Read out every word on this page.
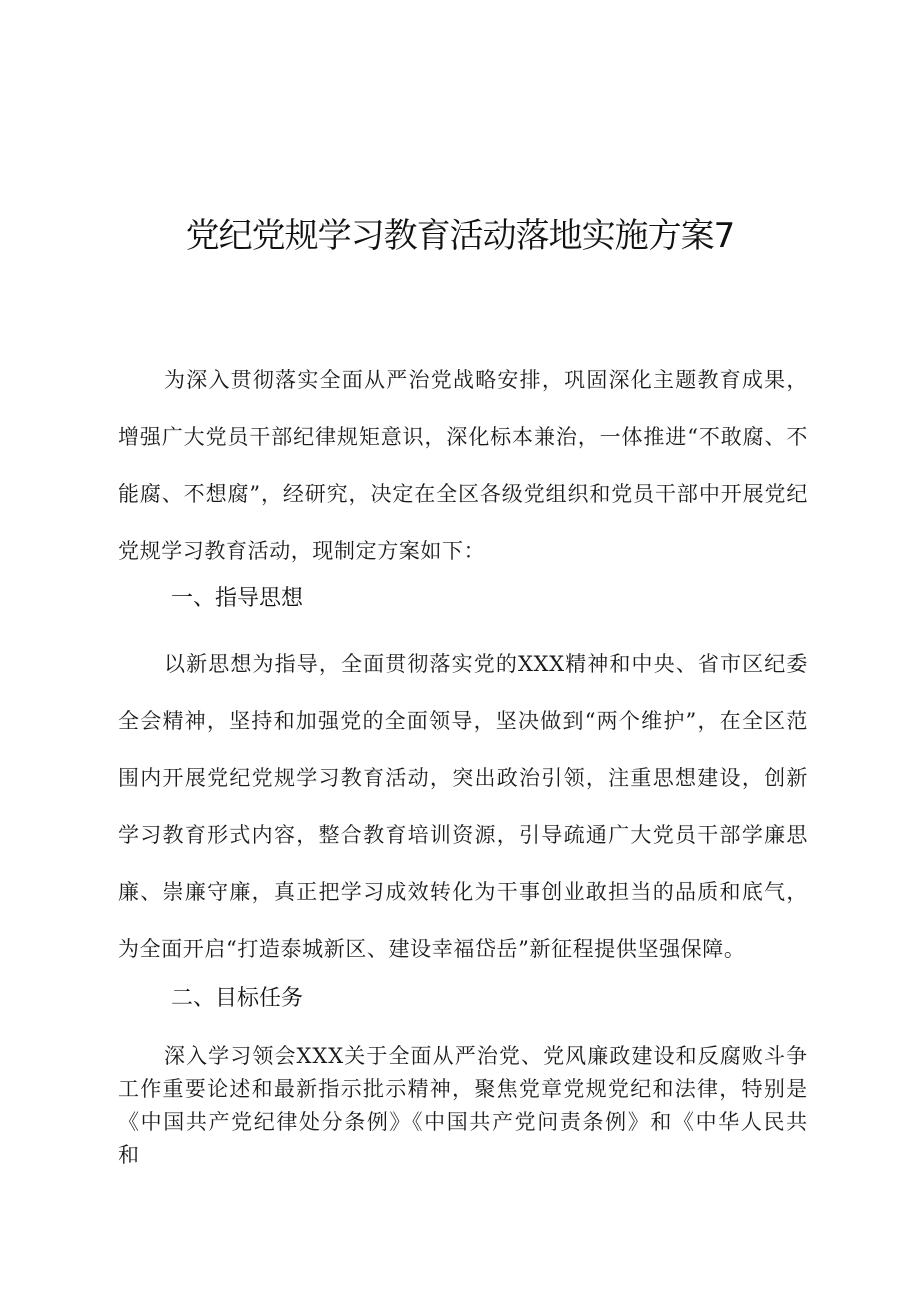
党纪党规学习教育活动落地实施方案7

为深入贯彻落实全面从严治党战略安排，巩固深化主题教育成果，增强广大党员干部纪律规矩意识，深化标本兼治，一体推进“不敢腐、不能腐、不想腐”，经研究，决定在全区各级党组织和党员干部中开展党纪党规学习教育活动，现制定方案如下：

一、指导思想

以新思想为指导，全面贯彻落实党的XXX精神和中央、省市区纪委全会精神，坚持和加强党的全面领导，坚决做到“两个维护”，在全区范围内开展党纪党规学习教育活动，突出政治引领，注重思想建设，创新学习教育形式内容，整合教育培训资源，引导疏通广大党员干部学廉思廉、崇廉守廉，真正把学习成效转化为干事创业敢担当的品质和底气，为全面开启“打造泰城新区、建设幸福岱岳”新征程提供坚强保障。

二、目标任务

深入学习领会XXX关于全面从严治党、党风廉政建设和反腐败斗争工作重要论述和最新指示批示精神，聚焦党章党规党纪和法律，特别是《中国共产党纪律处分条例》《中国共产党问责条例》和《中华人民共和
